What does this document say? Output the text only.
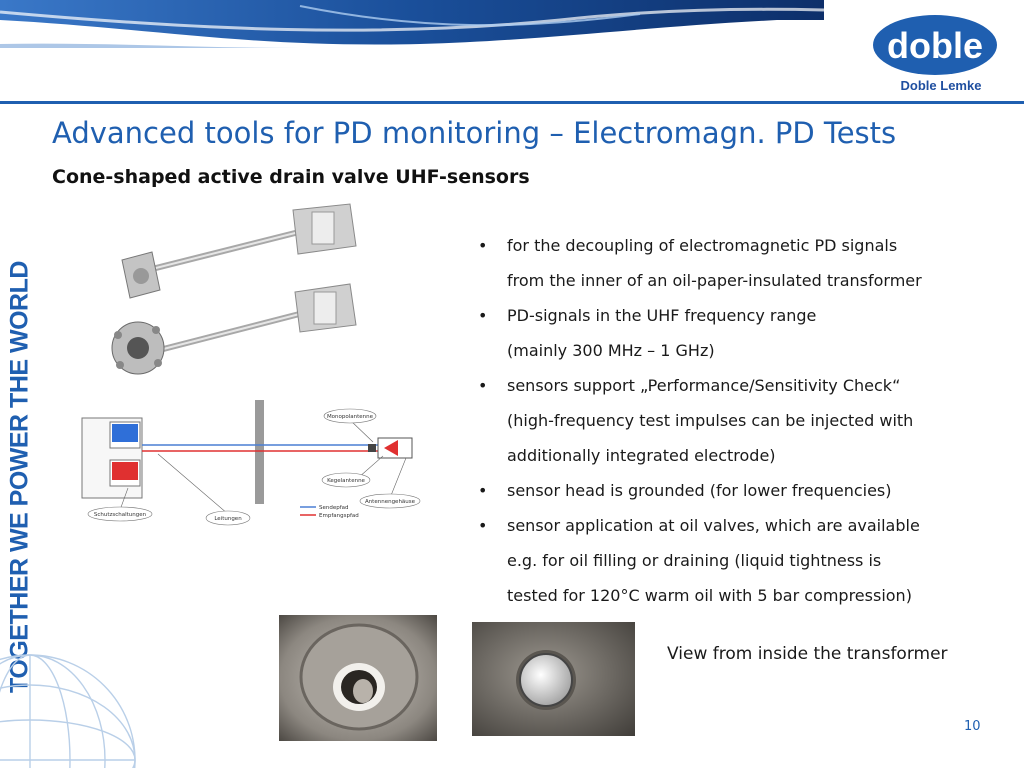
doble ®
Doble Lemke
TOGETHER WE POWER THE WORLD
Advanced tools for PD monitoring – Electromagn. PD Tests
Cone-shaped active drain valve UHF-sensors
Monopolantenne
Kegelantenne
Antennengehäuse
Schutzschaltungen
Leitungen
Sendepfad
Empfangspfad
• for the decoupling of electromagnetic PD signals
from the inner of an oil-paper-insulated transformer
• PD-signals in the UHF frequency range
(mainly 300 MHz – 1 GHz)
• sensors support „Performance/Sensitivity Check“
(high-frequency test impulses can be injected with
additionally integrated electrode)
• sensor head is grounded (for lower frequencies)
• sensor application at oil valves, which are available
e.g. for oil filling or draining (liquid tightness is
tested for 120°C warm oil with 5 bar compression)
View from inside the transformer
10
